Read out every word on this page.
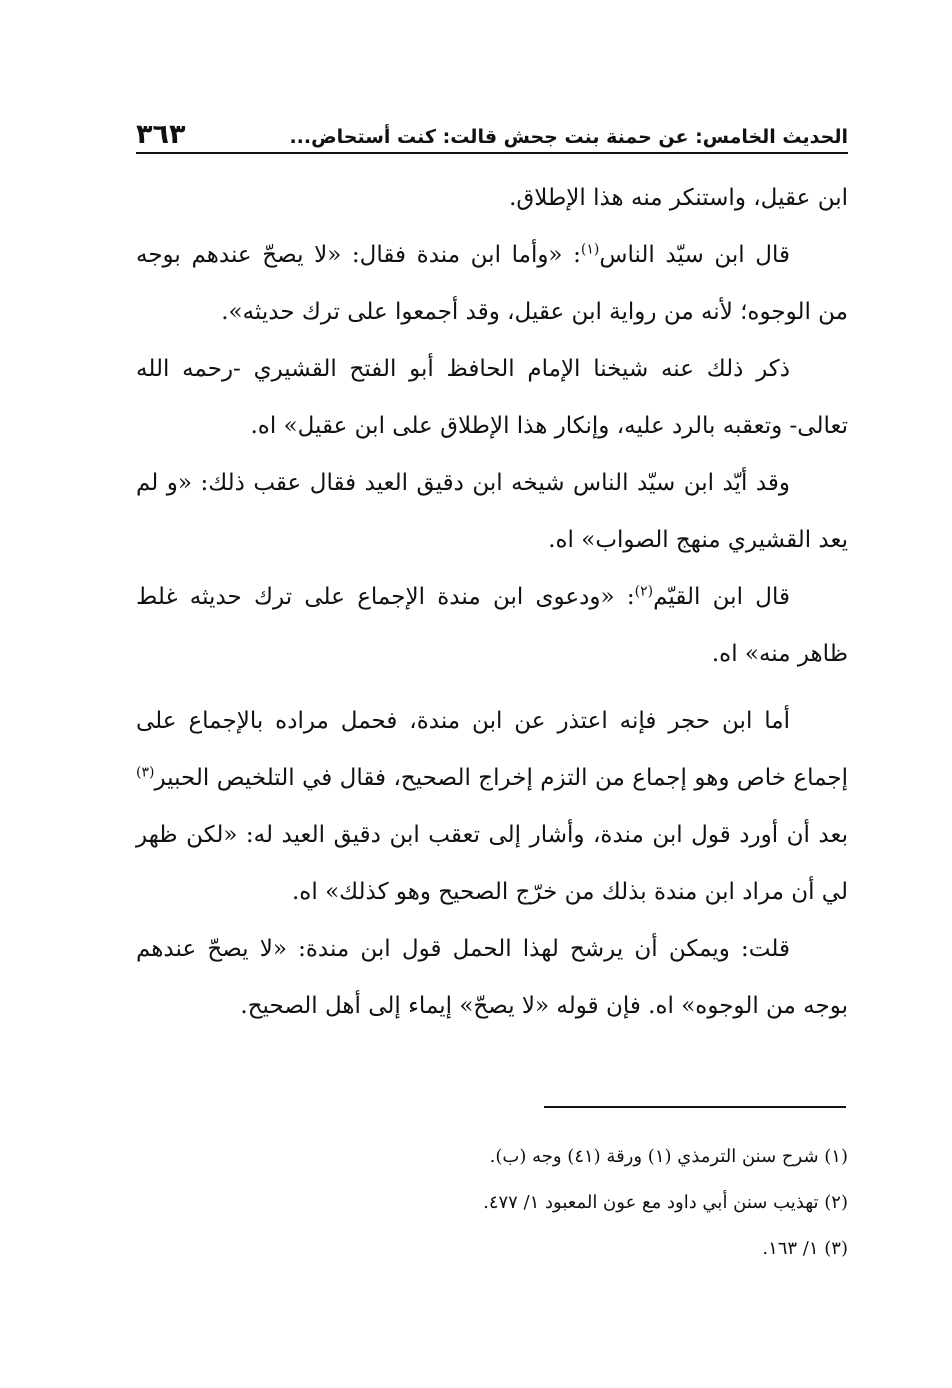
الحديث الخامس: عن حمنة بنت جحش قالت: كنت أستحاض...
٣٦٣

ابن عقيل، واستنكر منه هذا الإطلاق.

قال ابن سيّد الناس$^{(١)}$: «وأما ابن مندة فقال: «لا يصحّ عندهم بوجه من الوجوه؛ لأنه من رواية ابن عقيل، وقد أجمعوا على ترك حديثه».

ذكر ذلك عنه شيخنا الإمام الحافظ أبو الفتح القشيري -رحمه الله تعالى- وتعقبه بالرد عليه، وإنكار هذا الإطلاق على ابن عقيل» اه.

وقد أيّد ابن سيّد الناس شيخه ابن دقيق العيد فقال عقب ذلك: «و لم يعد القشيري منهج الصواب» اه.

قال ابن القيّم$^{(٢)}$: «ودعوى ابن مندة الإجماع على ترك حديثه غلط ظاهر منه» اه.

أما ابن حجر فإنه اعتذر عن ابن مندة، فحمل مراده بالإجماع على إجماع خاص وهو إجماع من التزم إخراج الصحيح، فقال في التلخيص الحبير$^{(٣)}$ بعد أن أورد قول ابن مندة، وأشار إلى تعقب ابن دقيق العيد له: «لكن ظهر لي أن مراد ابن مندة بذلك من خرّج الصحيح وهو كذلك» اه.

قلت: ويمكن أن يرشح لهذا الحمل قول ابن مندة: «لا يصحّ عندهم بوجه من الوجوه» اه. فإن قوله «لا يصحّ» إيماء إلى أهل الصحيح.

(١) شرح سنن الترمذي (١) ورقة (٤١) وجه (ب).
(٢) تهذيب سنن أبي داود مع عون المعبود ١/ ٤٧٧.
(٣) ١/ ١٦٣.
